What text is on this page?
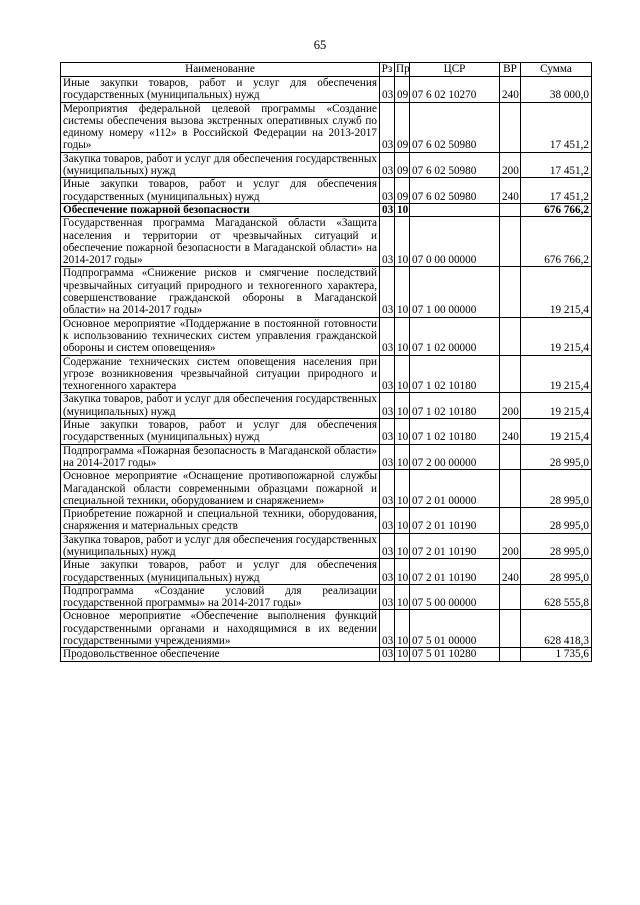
65
Наименование	Рз	Пр	ЦСР	ВР	Сумма
Иные закупки товаров, работ и услуг для обеспечения государственных (муниципальных) нужд	03	09	07 6 02 10270	240	38 000,0
Мероприятия федеральной целевой программы «Создание системы обеспечения вызова экстренных оперативных служб по единому номеру «112» в Российской Федерации на 2013-2017 годы»	03	09	07 6 02 50980		17 451,2
Закупка товаров, работ и услуг для обеспечения государственных (муниципальных) нужд	03	09	07 6 02 50980	200	17 451,2
Иные закупки товаров, работ и услуг для обеспечения государственных (муниципальных) нужд	03	09	07 6 02 50980	240	17 451,2
Обеспечение пожарной безопасности	03	10			676 766,2
Государственная программа Магаданской области «Защита населения и территории от чрезвычайных ситуаций и обеспечение пожарной безопасности в Магаданской области» на 2014-2017 годы»	03	10	07 0 00 00000		676 766,2
Подпрограмма «Снижение рисков и смягчение последствий чрезвычайных ситуаций природного и техногенного характера, совершенствование гражданской обороны в Магаданской области» на 2014-2017 годы»	03	10	07 1 00 00000		19 215,4
Основное мероприятие «Поддержание в постоянной готовности к использованию технических систем управления гражданской обороны и систем оповещения»	03	10	07 1 02 00000		19 215,4
Содержание технических систем оповещения населения при угрозе возникновения чрезвычайной ситуации природного и техногенного характера	03	10	07 1 02 10180		19 215,4
Закупка товаров, работ и услуг для обеспечения государственных (муниципальных) нужд	03	10	07 1 02 10180	200	19 215,4
Иные закупки товаров, работ и услуг для обеспечения государственных (муниципальных) нужд	03	10	07 1 02 10180	240	19 215,4
Подпрограмма «Пожарная безопасность в Магаданской области» на 2014-2017 годы»	03	10	07 2 00 00000		28 995,0
Основное мероприятие «Оснащение противопожарной службы Магаданской области современными образцами пожарной и специальной техники, оборудованием и снаряжением»	03	10	07 2 01 00000		28 995,0
Приобретение пожарной и специальной техники, оборудования, снаряжения и материальных средств	03	10	07 2 01 10190		28 995,0
Закупка товаров, работ и услуг для обеспечения государственных (муниципальных) нужд	03	10	07 2 01 10190	200	28 995,0
Иные закупки товаров, работ и услуг для обеспечения государственных (муниципальных) нужд	03	10	07 2 01 10190	240	28 995,0
Подпрограмма «Создание условий для реализации государственной программы» на 2014-2017 годы»	03	10	07 5 00 00000		628 555,8
Основное мероприятие «Обеспечение выполнения функций государственными органами и находящимися в их ведении государственными учреждениями»	03	10	07 5 01 00000		628 418,3
Продовольственное обеспечение	03	10	07 5 01 10280		1 735,6
